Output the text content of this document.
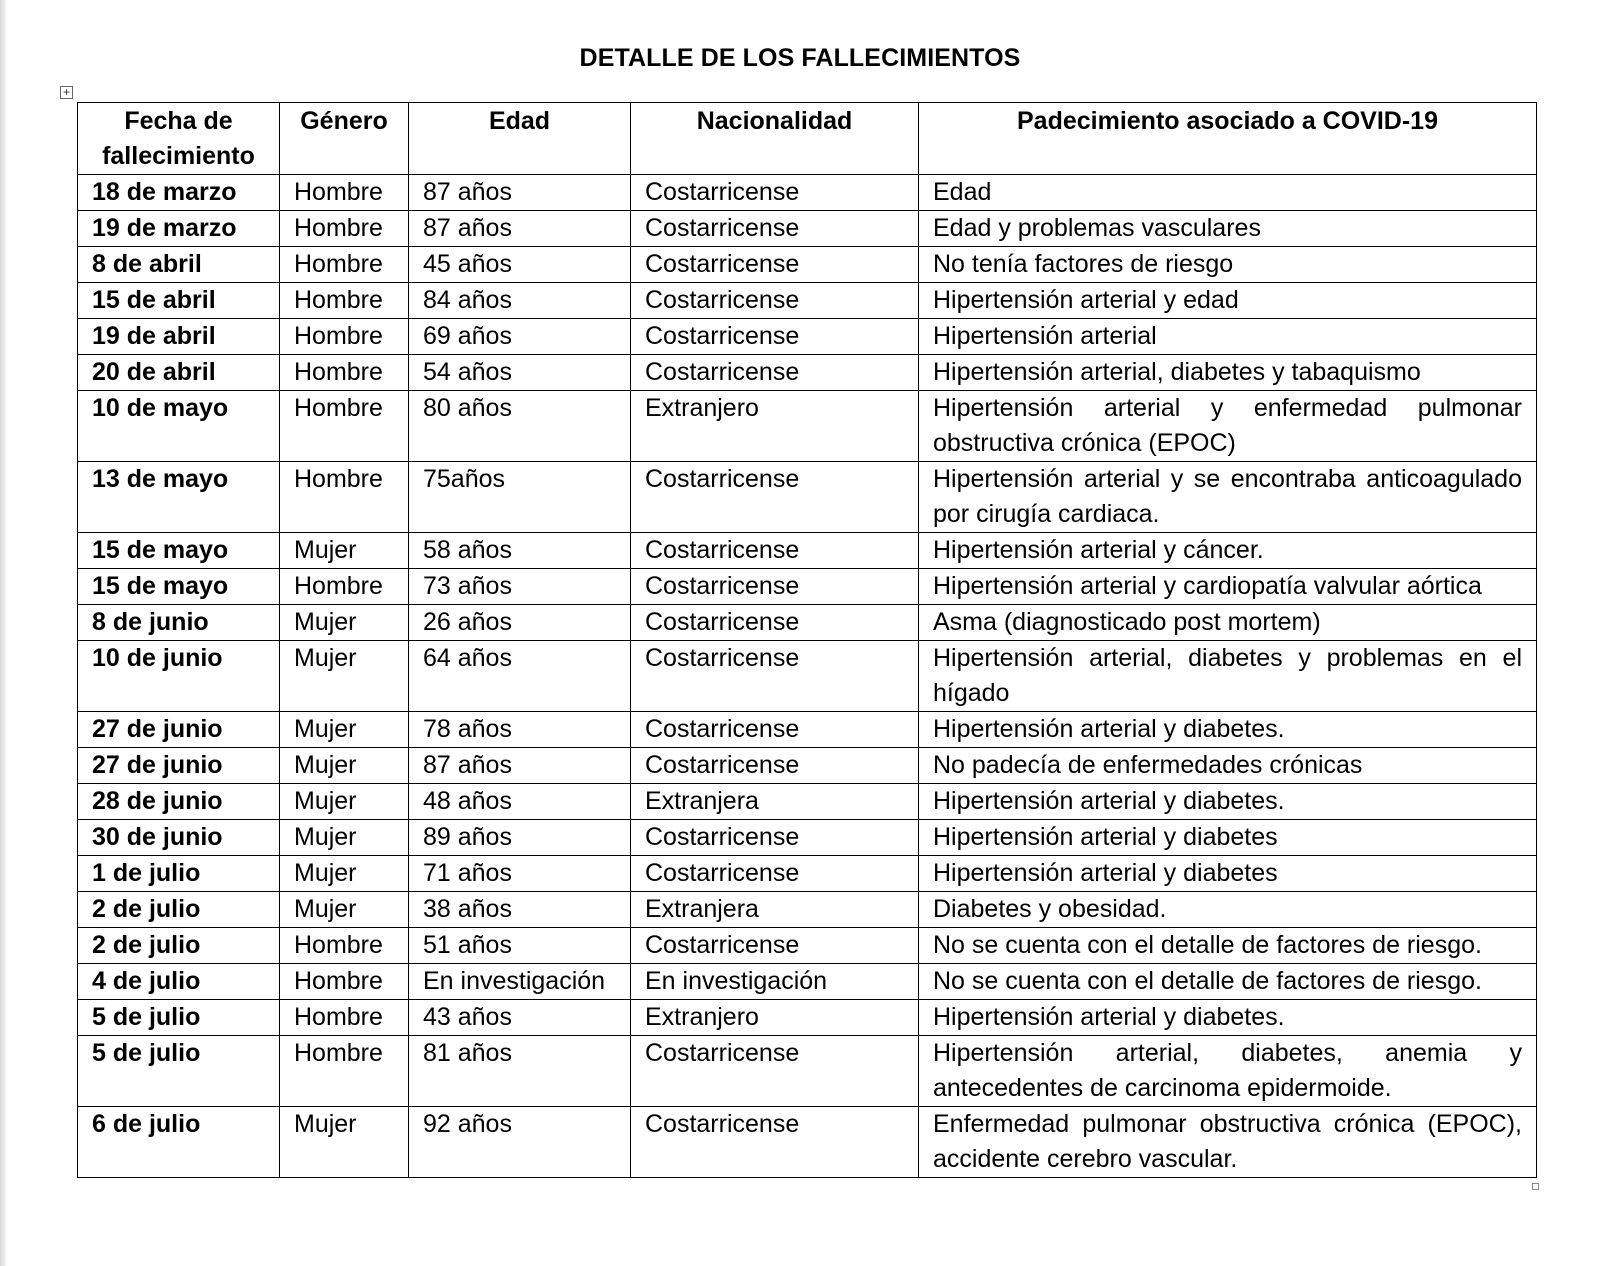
DETALLE DE LOS FALLECIMIENTOS
+
Fecha de fallecimiento	Género	Edad	Nacionalidad	Padecimiento asociado a COVID-19
18 de marzo	Hombre	87 años	Costarricense	Edad
19 de marzo	Hombre	87 años	Costarricense	Edad y problemas vasculares
8 de abril	Hombre	45 años	Costarricense	No tenía factores de riesgo
15 de abril	Hombre	84 años	Costarricense	Hipertensión arterial y edad
19 de abril	Hombre	69 años	Costarricense	Hipertensión arterial
20 de abril	Hombre	54 años	Costarricense	Hipertensión arterial, diabetes y tabaquismo
10 de mayo	Hombre	80 años	Extranjero	Hipertensión arterial y enfermedad pulmonar obstructiva crónica (EPOC)
13 de mayo	Hombre	75años	Costarricense	Hipertensión arterial y se encontraba anticoagulado por cirugía cardiaca.
15 de mayo	Mujer	58 años	Costarricense	Hipertensión arterial y cáncer.
15 de mayo	Hombre	73 años	Costarricense	Hipertensión arterial y cardiopatía valvular aórtica
8 de junio	Mujer	26 años	Costarricense	Asma (diagnosticado post mortem)
10 de junio	Mujer	64 años	Costarricense	Hipertensión arterial, diabetes y problemas en el hígado
27 de junio	Mujer	78 años	Costarricense	Hipertensión arterial y diabetes.
27 de junio	Mujer	87 años	Costarricense	No padecía de enfermedades crónicas
28 de junio	Mujer	48 años	Extranjera	Hipertensión arterial y diabetes.
30 de junio	Mujer	89 años	Costarricense	Hipertensión arterial y diabetes
1 de julio	Mujer	71 años	Costarricense	Hipertensión arterial y diabetes
2 de julio	Mujer	38 años	Extranjera	Diabetes y obesidad.
2 de julio	Hombre	51 años	Costarricense	No se cuenta con el detalle de factores de riesgo.
4 de julio	Hombre	En investigación	En investigación	No se cuenta con el detalle de factores de riesgo.
5 de julio	Hombre	43 años	Extranjero	Hipertensión arterial y diabetes.
5 de julio	Hombre	81 años	Costarricense	Hipertensión arterial, diabetes, anemia y antecedentes de carcinoma epidermoide.
6 de julio	Mujer	92 años	Costarricense	Enfermedad pulmonar obstructiva crónica (EPOC), accidente cerebro vascular.
